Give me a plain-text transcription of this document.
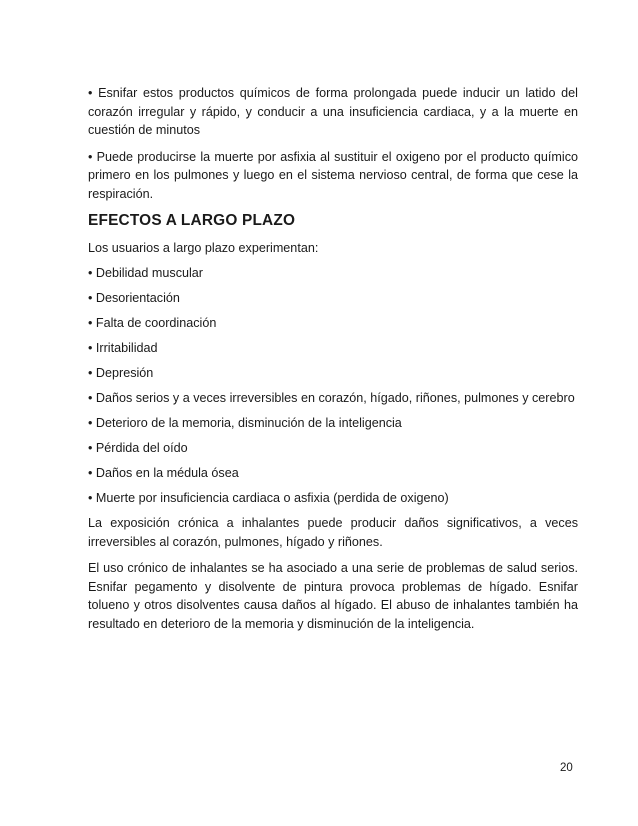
• Esnifar estos productos químicos de forma prolongada puede inducir un latido del corazón irregular y rápido, y conducir a una insuficiencia cardiaca, y a la muerte en cuestión de minutos

• Puede producirse la muerte por asfixia al sustituir el oxigeno por el producto químico primero en los pulmones y luego en el sistema nervioso central, de forma que cese la respiración.

EFECTOS A LARGO PLAZO

Los usuarios a largo plazo experimentan:

• Debilidad muscular
• Desorientación
• Falta de coordinación
• Irritabilidad
• Depresión
• Daños serios y a veces irreversibles en corazón, hígado, riñones, pulmones y cerebro
• Deterioro de la memoria, disminución de la inteligencia
• Pérdida del oído
• Daños en la médula ósea
• Muerte por insuficiencia cardiaca o asfixia (perdida de oxigeno)

La exposición crónica a inhalantes puede producir daños significativos, a veces irreversibles al corazón, pulmones, hígado y riñones.

El uso crónico de inhalantes se ha asociado a una serie de problemas de salud serios. Esnifar pegamento y disolvente de pintura provoca problemas de hígado. Esnifar tolueno y otros disolventes causa daños al hígado. El abuso de inhalantes también ha resultado en deterioro de la memoria y disminución de la inteligencia.

20
